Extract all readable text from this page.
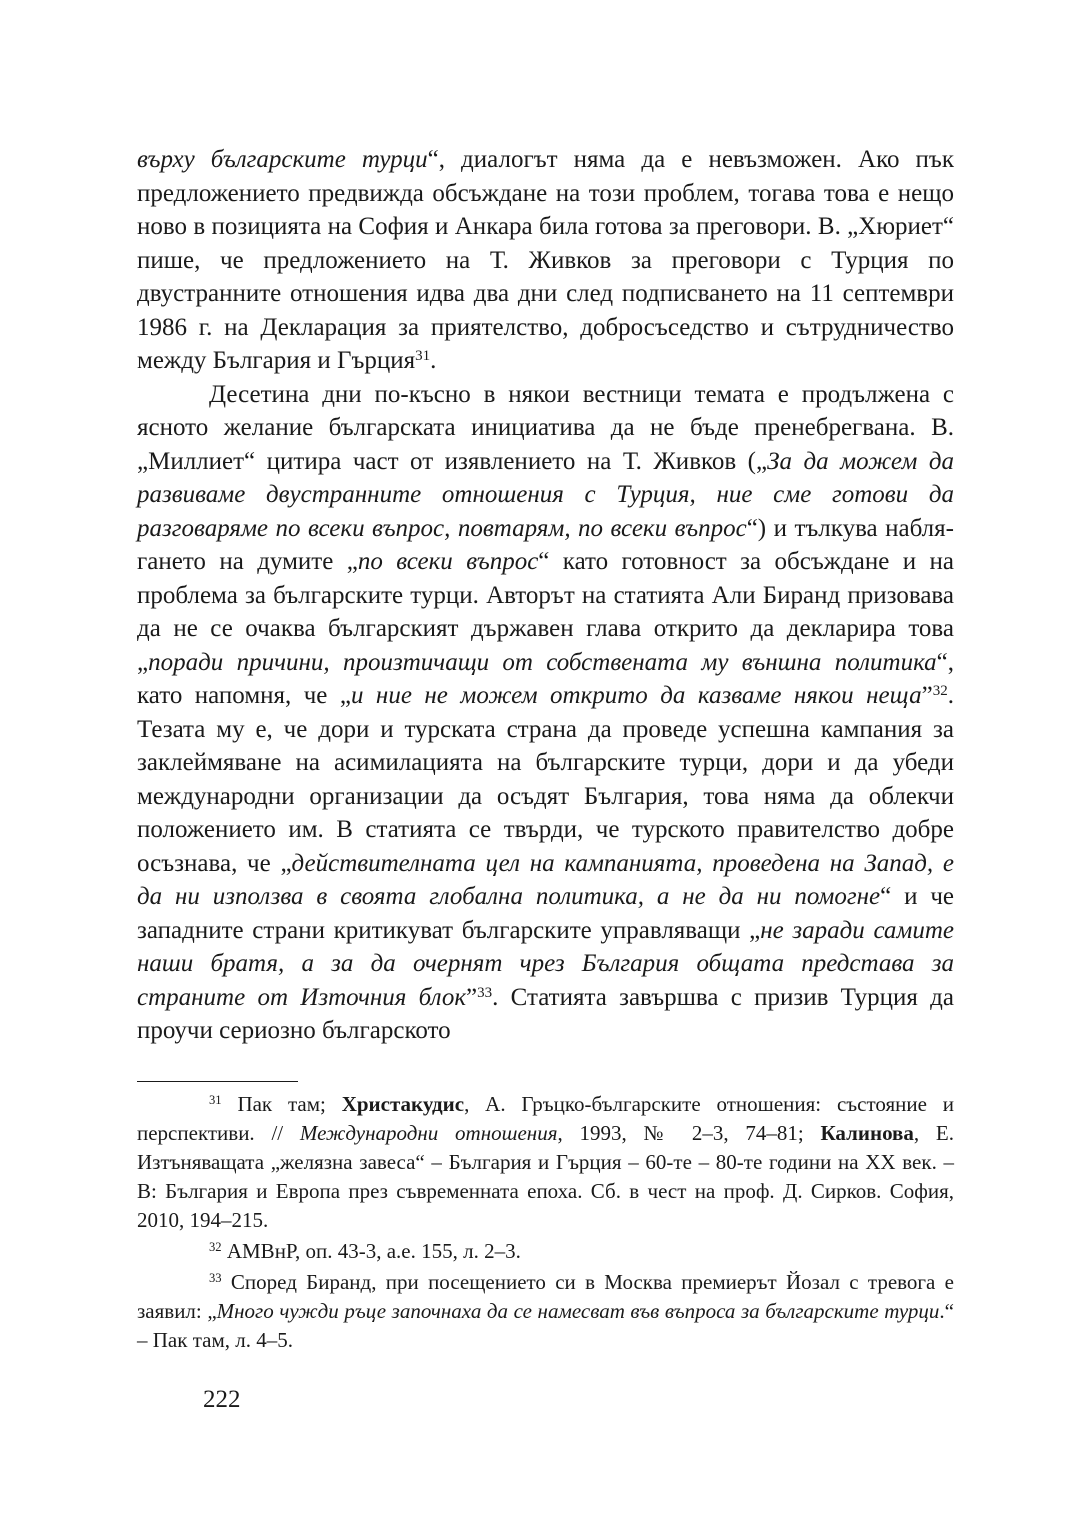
върху българските турци“, диалогът няма да е невъзможен. Ако пък предложението предвижда обсъждане на този проблем, тогава това е нещо ново в позицията на София и Анкара била готова за преговори. В. „Хюриет“ пише, че предложението на Т. Живков за преговори с Турция по двустранните отношения идва два дни след подписването на 11 септември 1986 г. на Декларация за приятелство, добросъседство и сътрудничество между България и Гърция$^{31}$.

Десетина дни по-късно в някои вестници темата е продължена с ясното желание българската инициатива да не бъде пренебрегвана. В. „Миллиет“ цитира част от изявлението на Т. Живков („За да можем да развиваме двустранните отношения с Турция, ние сме готови да разговаряме по всеки въпрос, повтарям, по всеки въпрос“) и тълкува наблягането на думите „по всеки въпрос“ като готовност за обсъждане и на проблема за българските турци. Авторът на статията Али Биранд призовава да не се очаква българският държавен глава открито да декларира това „поради причини, произтичащи от собствената му външна политика“, като напомня, че „и ние не можем открито да казваме някои неща”$^{32}$. Тезата му е, че дори и турската страна да проведе успешна кампания за заклеймяване на асимилацията на българските турци, дори и да убеди международни организации да осъдят България, това няма да облекчи положението им. В статията се твърди, че турското правителство добре осъзнава, че „действителната цел на кампанията, проведена на Запад, е да ни използва в своята глобална политика, а не да ни помогне“ и че западните страни критикуват българските управляващи „не заради самите наши братя, а за да очернят чрез България общата представа за страните от Източния блок”$^{33}$. Статията завършва с призив Турция да проучи сериозно българското

$^{31}$ Пак там; Христакудис, А. Гръцко-българските отношения: състояние и перспективи. // Международни отношения, 1993, № 2–3, 74–81; Калинова, Е. Изтъняващата „желязна завеса“ – България и Гърция – 60-те – 80-те години на ХХ век. – В: България и Европа през съвременната епоха. Сб. в чест на проф. Д. Сирков. София, 2010, 194–215.

$^{32}$ АМВнР, оп. 43-3, а.е. 155, л. 2–3.

$^{33}$ Според Биранд, при посещението си в Москва премиерът Йозал с тревога е заявил: „Много чужди ръце започнаха да се намесват във въпроса за българските турци.“ – Пак там, л. 4–5.

222
